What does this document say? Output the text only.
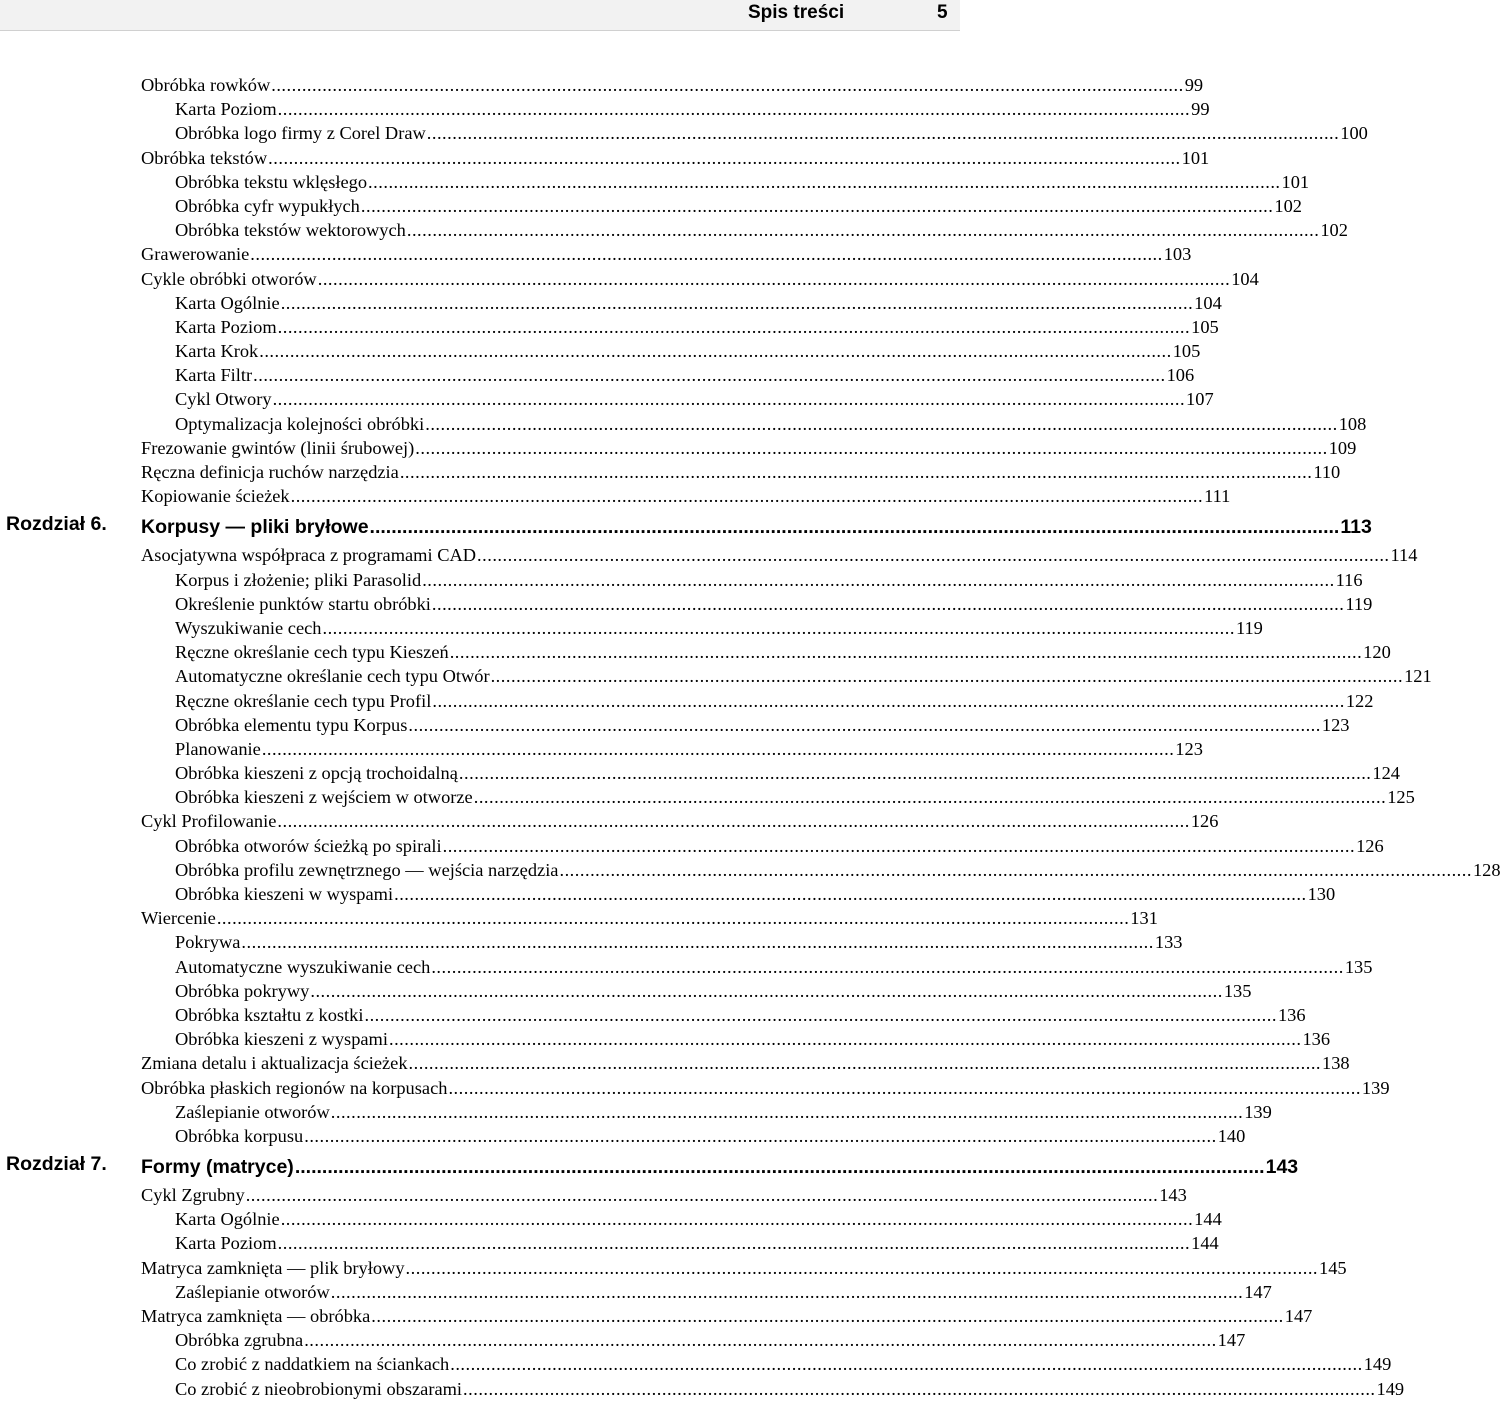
Spis treści	5
Obróbka rowków ................................................................................................................................................................................... 99
Karta Poziom ................................................................................................................................................................................... 99
Obróbka logo firmy z Corel Draw ................................................................................................................................................................................... 100
Obróbka tekstów ................................................................................................................................................................................... 101
Obróbka tekstu wklęsłego ................................................................................................................................................................................... 101
Obróbka cyfr wypukłych ................................................................................................................................................................................... 102
Obróbka tekstów wektorowych ................................................................................................................................................................................... 102
Grawerowanie ................................................................................................................................................................................... 103
Cykle obróbki otworów ................................................................................................................................................................................... 104
Karta Ogólnie ................................................................................................................................................................................... 104
Karta Poziom ................................................................................................................................................................................... 105
Karta Krok ................................................................................................................................................................................... 105
Karta Filtr ................................................................................................................................................................................... 106
Cykl Otwory ................................................................................................................................................................................... 107
Optymalizacja kolejności obróbki ................................................................................................................................................................................... 108
Frezowanie gwintów (linii śrubowej) ................................................................................................................................................................................... 109
Ręczna definicja ruchów narzędzia ................................................................................................................................................................................... 110
Kopiowanie ścieżek ................................................................................................................................................................................... 111
Rozdział 6. Korpusy — pliki bryłowe ................................................................................................................................................................................... 113
Asocjatywna współpraca z programami CAD ................................................................................................................................................................................... 114
Korpus i złożenie; pliki Parasolid ................................................................................................................................................................................... 116
Określenie punktów startu obróbki ................................................................................................................................................................................... 119
Wyszukiwanie cech ................................................................................................................................................................................... 119
Ręczne określanie cech typu Kieszeń ................................................................................................................................................................................... 120
Automatyczne określanie cech typu Otwór ................................................................................................................................................................................... 121
Ręczne określanie cech typu Profil ................................................................................................................................................................................... 122
Obróbka elementu typu Korpus ................................................................................................................................................................................... 123
Planowanie ................................................................................................................................................................................... 123
Obróbka kieszeni z opcją trochoidalną ................................................................................................................................................................................... 124
Obróbka kieszeni z wejściem w otworze ................................................................................................................................................................................... 125
Cykl Profilowanie ................................................................................................................................................................................... 126
Obróbka otworów ścieżką po spirali ................................................................................................................................................................................... 126
Obróbka profilu zewnętrznego — wejścia narzędzia ................................................................................................................................................................................... 128
Obróbka kieszeni w wyspami ................................................................................................................................................................................... 130
Wiercenie ................................................................................................................................................................................... 131
Pokrywa ................................................................................................................................................................................... 133
Automatyczne wyszukiwanie cech ................................................................................................................................................................................... 135
Obróbka pokrywy ................................................................................................................................................................................... 135
Obróbka kształtu z kostki ................................................................................................................................................................................... 136
Obróbka kieszeni z wyspami ................................................................................................................................................................................... 136
Zmiana detalu i aktualizacja ścieżek ................................................................................................................................................................................... 138
Obróbka płaskich regionów na korpusach ................................................................................................................................................................................... 139
Zaślepianie otworów ................................................................................................................................................................................... 139
Obróbka korpusu ................................................................................................................................................................................... 140
Rozdział 7. Formy (matryce) ................................................................................................................................................................................... 143
Cykl Zgrubny ................................................................................................................................................................................... 143
Karta Ogólnie ................................................................................................................................................................................... 144
Karta Poziom ................................................................................................................................................................................... 144
Matryca zamknięta — plik bryłowy ................................................................................................................................................................................... 145
Zaślepianie otworów ................................................................................................................................................................................... 147
Matryca zamknięta — obróbka ................................................................................................................................................................................... 147
Obróbka zgrubna ................................................................................................................................................................................... 147
Co zrobić z naddatkiem na ściankach ................................................................................................................................................................................... 149
Co zrobić z nieobrobionymi obszarami ................................................................................................................................................................................... 149
